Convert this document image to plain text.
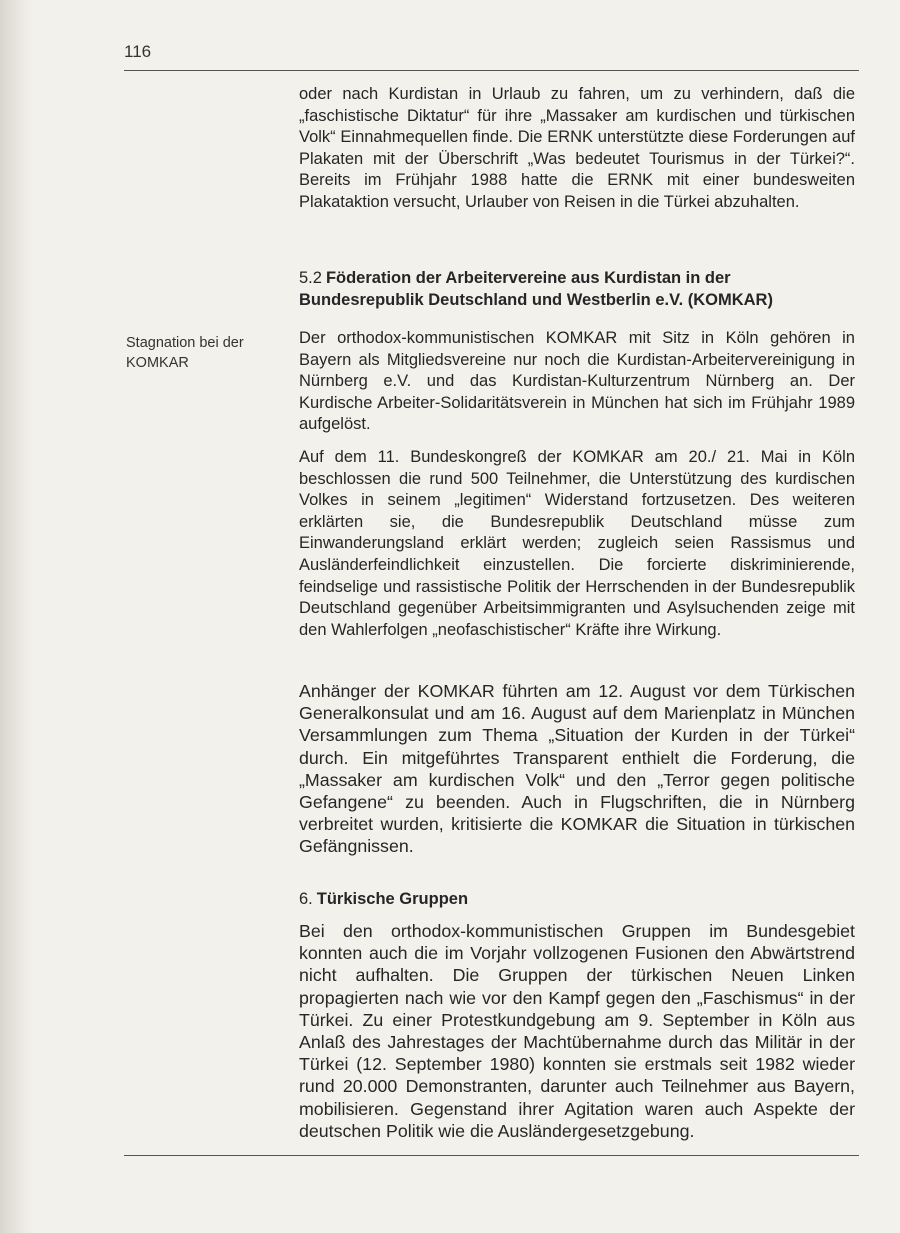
116
oder nach Kurdistan in Urlaub zu fahren, um zu verhindern, daß die „faschistische Diktatur“ für ihre „Massaker am kurdischen und türkischen Volk“ Einnahmequellen finde. Die ERNK unterstützte diese Forderungen auf Plakaten mit der Überschrift „Was bedeutet Tourismus in der Türkei?“. Bereits im Frühjahr 1988 hatte die ERNK mit einer bundesweiten Plakataktion versucht, Urlauber von Reisen in die Türkei abzuhalten.
5.2 Föderation der Arbeitervereine aus Kurdistan in der Bundesrepublik Deutschland und Westberlin e.V. (KOMKAR)
Stagnation bei der
KOMKAR
Der orthodox-kommunistischen KOMKAR mit Sitz in Köln gehören in Bayern als Mitgliedsvereine nur noch die Kurdistan-Arbeitervereinigung in Nürnberg e.V. und das Kurdistan-Kulturzentrum Nürnberg an. Der Kurdische Arbeiter-Solidaritätsverein in München hat sich im Frühjahr 1989 aufgelöst.
Auf dem 11. Bundeskongreß der KOMKAR am 20./ 21. Mai in Köln beschlossen die rund 500 Teilnehmer, die Unterstützung des kurdischen Volkes in seinem „legitimen“ Widerstand fortzusetzen. Des weiteren erklärten sie, die Bundesrepublik Deutschland müsse zum Einwanderungsland erklärt werden; zugleich seien Rassismus und Ausländerfeindlichkeit einzustellen. Die forcierte diskriminierende, feindselige und rassistische Politik der Herrschenden in der Bundesrepublik Deutschland gegenüber Arbeitsimmigranten und Asylsuchenden zeige mit den Wahlerfolgen „neofaschistischer“ Kräfte ihre Wirkung.
Anhänger der KOMKAR führten am 12. August vor dem Türkischen Generalkonsulat und am 16. August auf dem Marienplatz in München Versammlungen zum Thema „Situation der Kurden in der Türkei“ durch. Ein mitgeführtes Transparent enthielt die Forderung, die „Massaker am kurdischen Volk“ und den „Terror gegen politische Gefangene“ zu beenden. Auch in Flugschriften, die in Nürnberg verbreitet wurden, kritisierte die KOMKAR die Situation in türkischen Gefängnissen.
6. Türkische Gruppen
Bei den orthodox-kommunistischen Gruppen im Bundesgebiet konnten auch die im Vorjahr vollzogenen Fusionen den Abwärtstrend nicht aufhalten. Die Gruppen der türkischen Neuen Linken propagierten nach wie vor den Kampf gegen den „Faschismus“ in der Türkei. Zu einer Protestkundgebung am 9. September in Köln aus Anlaß des Jahrestages der Machtübernahme durch das Militär in der Türkei (12. September 1980) konnten sie erstmals seit 1982 wieder rund 20.000 Demonstranten, darunter auch Teilnehmer aus Bayern, mobilisieren. Gegenstand ihrer Agitation waren auch Aspekte der deutschen Politik wie die Ausländergesetzgebung.
